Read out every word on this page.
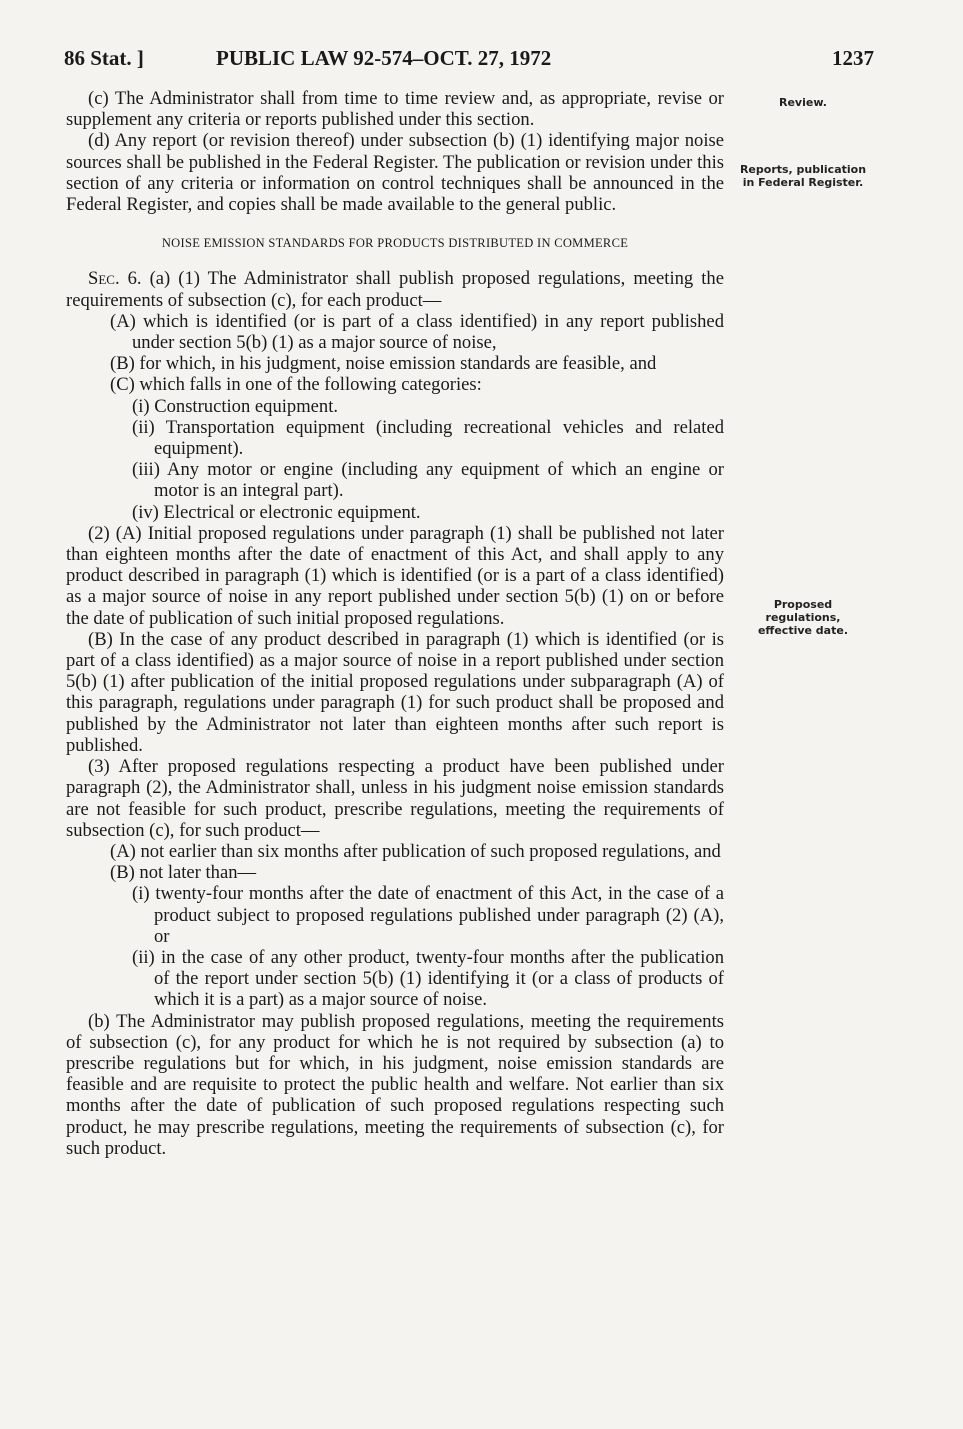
86 Stat. ]	PUBLIC LAW 92-574–OCT. 27, 1972	1237
Review.
Reports, publication in Federal Register.
Proposed regulations, effective date.

(c) The Administrator shall from time to time review and, as appropriate, revise or supplement any criteria or reports published under this section.

(d) Any report (or revision thereof) under subsection (b) (1) identifying major noise sources shall be published in the Federal Register. The publication or revision under this section of any criteria or information on control techniques shall be announced in the Federal Register, and copies shall be made available to the general public.

NOISE EMISSION STANDARDS FOR PRODUCTS DISTRIBUTED IN COMMERCE

Sec. 6. (a) (1) The Administrator shall publish proposed regulations, meeting the requirements of subsection (c), for each product—

(A) which is identified (or is part of a class identified) in any report published under section 5(b) (1) as a major source of noise,

(B) for which, in his judgment, noise emission standards are feasible, and

(C) which falls in one of the following categories:

(i) Construction equipment.

(ii) Transportation equipment (including recreational vehicles and related equipment).

(iii) Any motor or engine (including any equipment of which an engine or motor is an integral part).

(iv) Electrical or electronic equipment.

(2) (A) Initial proposed regulations under paragraph (1) shall be published not later than eighteen months after the date of enactment of this Act, and shall apply to any product described in paragraph (1) which is identified (or is a part of a class identified) as a major source of noise in any report published under section 5(b) (1) on or before the date of publication of such initial proposed regulations.

(B) In the case of any product described in paragraph (1) which is identified (or is part of a class identified) as a major source of noise in a report published under section 5(b) (1) after publication of the initial proposed regulations under subparagraph (A) of this paragraph, regulations under paragraph (1) for such product shall be proposed and published by the Administrator not later than eighteen months after such report is published.

(3) After proposed regulations respecting a product have been published under paragraph (2), the Administrator shall, unless in his judgment noise emission standards are not feasible for such product, prescribe regulations, meeting the requirements of subsection (c), for such product—

(A) not earlier than six months after publication of such proposed regulations, and

(B) not later than—

(i) twenty-four months after the date of enactment of this Act, in the case of a product subject to proposed regulations published under paragraph (2) (A), or

(ii) in the case of any other product, twenty-four months after the publication of the report under section 5(b) (1) identifying it (or a class of products of which it is a part) as a major source of noise.

(b) The Administrator may publish proposed regulations, meeting the requirements of subsection (c), for any product for which he is not required by subsection (a) to prescribe regulations but for which, in his judgment, noise emission standards are feasible and are requisite to protect the public health and welfare. Not earlier than six months after the date of publication of such proposed regulations respecting such product, he may prescribe regulations, meeting the requirements of subsection (c), for such product.
